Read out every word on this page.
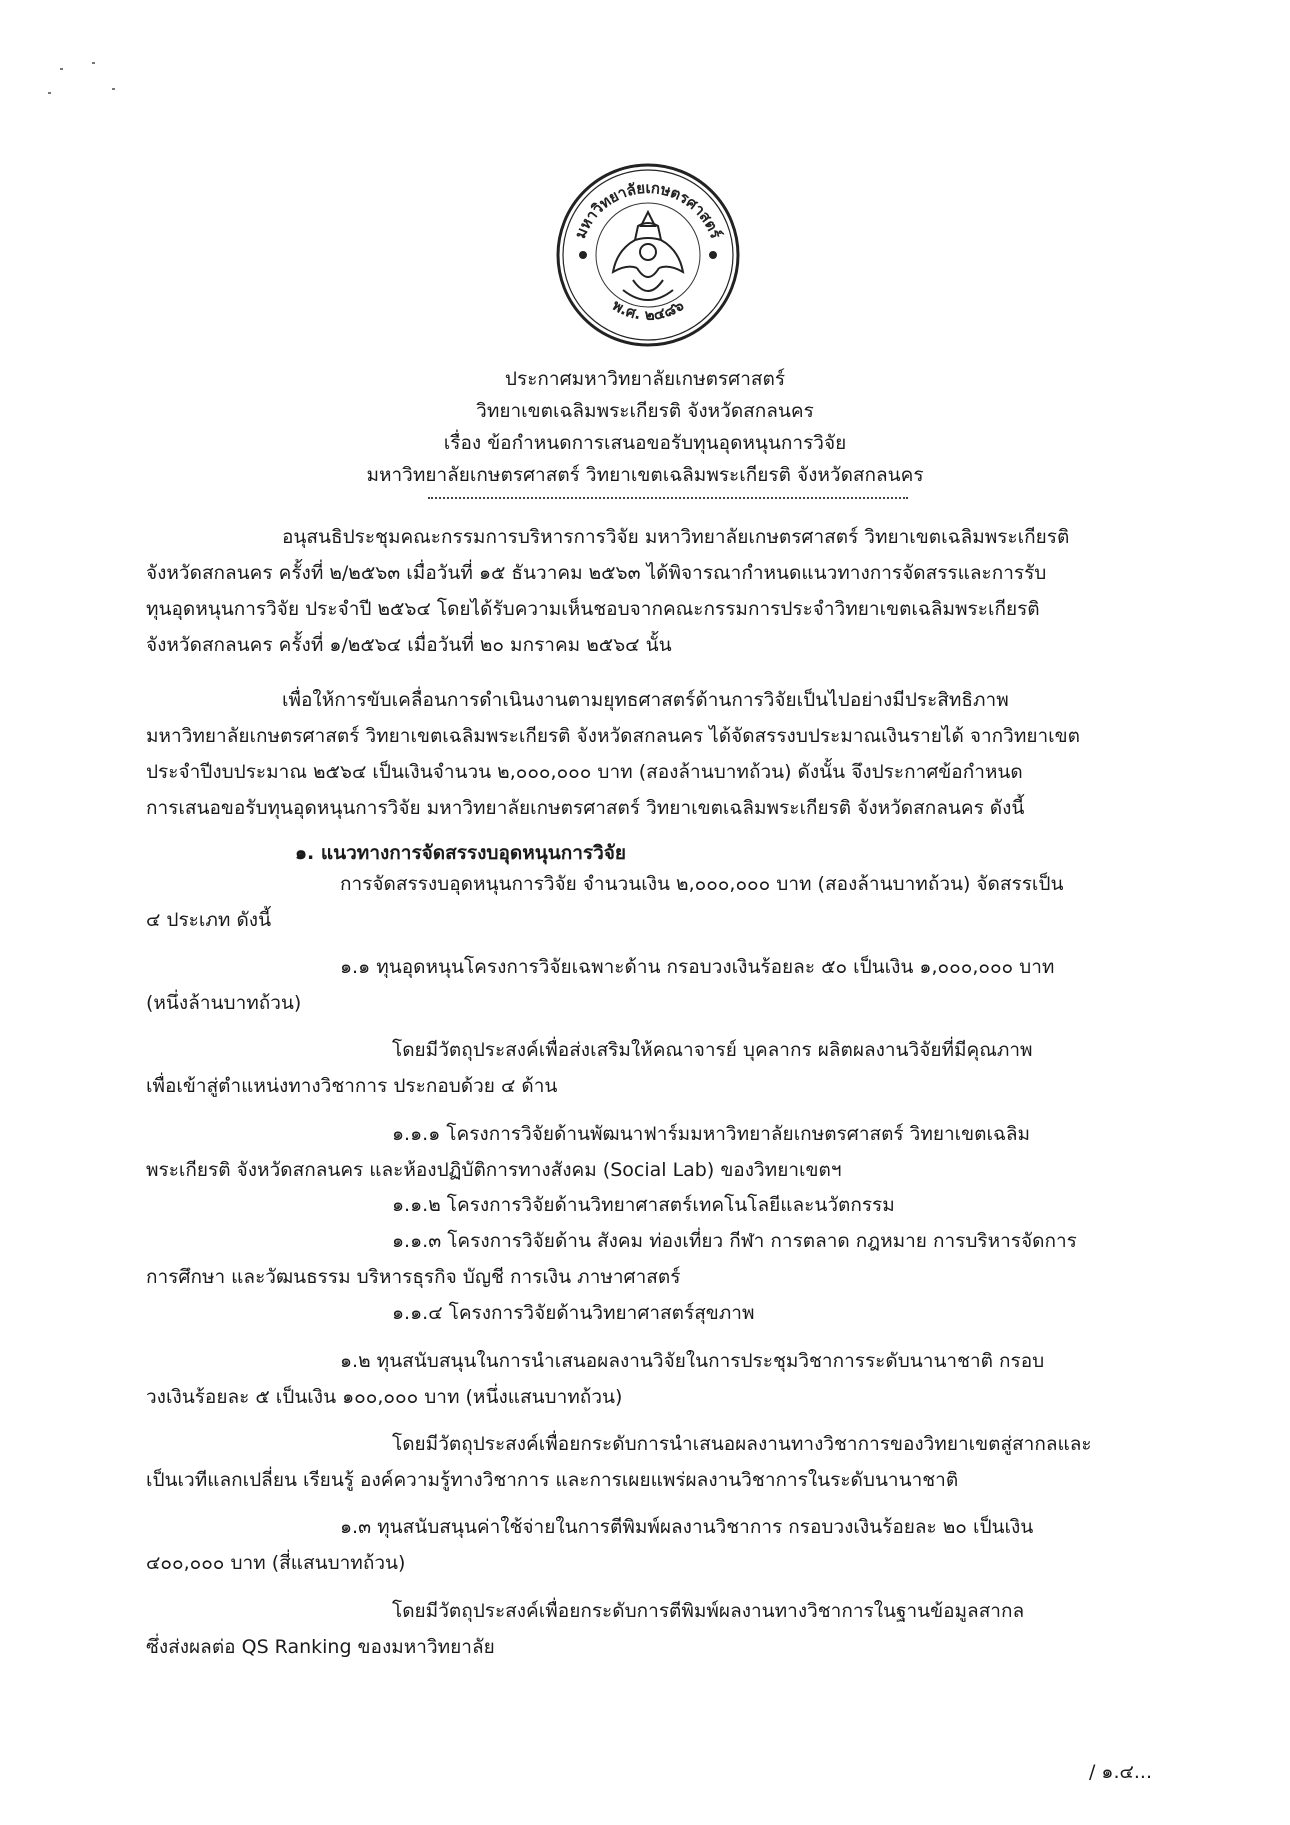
มหาวิทยาลัยเกษตรศาสตร์
พ.ศ. ๒๔๘๖
ประกาศมหาวิทยาลัยเกษตรศาสตร์
วิทยาเขตเฉลิมพระเกียรติ จังหวัดสกลนคร
เรื่อง ข้อกำหนดการเสนอขอรับทุนอุดหนุนการวิจัย
มหาวิทยาลัยเกษตรศาสตร์ วิทยาเขตเฉลิมพระเกียรติ จังหวัดสกลนคร
อนุสนธิประชุมคณะกรรมการบริหารการวิจัย มหาวิทยาลัยเกษตรศาสตร์ วิทยาเขตเฉลิมพระเกียรติ
จังหวัดสกลนคร ครั้งที่ ๒/๒๕๖๓ เมื่อวันที่ ๑๕ ธันวาคม ๒๕๖๓ ได้พิจารณากำหนดแนวทางการจัดสรรและการรับ
ทุนอุดหนุนการวิจัย ประจำปี ๒๕๖๔ โดยได้รับความเห็นชอบจากคณะกรรมการประจำวิทยาเขตเฉลิมพระเกียรติ
จังหวัดสกลนคร ครั้งที่ ๑/๒๕๖๔ เมื่อวันที่ ๒๐ มกราคม ๒๕๖๔ นั้น
เพื่อให้การขับเคลื่อนการดำเนินงานตามยุทธศาสตร์ด้านการวิจัยเป็นไปอย่างมีประสิทธิภาพ
มหาวิทยาลัยเกษตรศาสตร์ วิทยาเขตเฉลิมพระเกียรติ จังหวัดสกลนคร ได้จัดสรรงบประมาณเงินรายได้ จากวิทยาเขต
ประจำปีงบประมาณ ๒๕๖๔ เป็นเงินจำนวน ๒,๐๐๐,๐๐๐ บาท (สองล้านบาทถ้วน) ดังนั้น จึงประกาศข้อกำหนด
การเสนอขอรับทุนอุดหนุนการวิจัย มหาวิทยาลัยเกษตรศาสตร์ วิทยาเขตเฉลิมพระเกียรติ จังหวัดสกลนคร ดังนี้
๑. แนวทางการจัดสรรงบอุดหนุนการวิจัย
การจัดสรรงบอุดหนุนการวิจัย จำนวนเงิน ๒,๐๐๐,๐๐๐ บาท (สองล้านบาทถ้วน) จัดสรรเป็น
๔ ประเภท ดังนี้
๑.๑ ทุนอุดหนุนโครงการวิจัยเฉพาะด้าน กรอบวงเงินร้อยละ ๕๐ เป็นเงิน ๑,๐๐๐,๐๐๐ บาท
(หนึ่งล้านบาทถ้วน)
โดยมีวัตถุประสงค์เพื่อส่งเสริมให้คณาจารย์ บุคลากร ผลิตผลงานวิจัยที่มีคุณภาพ
เพื่อเข้าสู่ตำแหน่งทางวิชาการ ประกอบด้วย ๔ ด้าน
๑.๑.๑ โครงการวิจัยด้านพัฒนาฟาร์มมหาวิทยาลัยเกษตรศาสตร์ วิทยาเขตเฉลิม
พระเกียรติ จังหวัดสกลนคร และห้องปฏิบัติการทางสังคม (Social Lab) ของวิทยาเขตฯ
๑.๑.๒ โครงการวิจัยด้านวิทยาศาสตร์เทคโนโลยีและนวัตกรรม
๑.๑.๓ โครงการวิจัยด้าน สังคม ท่องเที่ยว กีฬา การตลาด กฎหมาย การบริหารจัดการ
การศึกษา และวัฒนธรรม บริหารธุรกิจ บัญชี การเงิน ภาษาศาสตร์
๑.๑.๔ โครงการวิจัยด้านวิทยาศาสตร์สุขภาพ
๑.๒ ทุนสนับสนุนในการนำเสนอผลงานวิจัยในการประชุมวิชาการระดับนานาชาติ กรอบ
วงเงินร้อยละ ๕ เป็นเงิน ๑๐๐,๐๐๐ บาท (หนึ่งแสนบาทถ้วน)
โดยมีวัตถุประสงค์เพื่อยกระดับการนำเสนอผลงานทางวิชาการของวิทยาเขตสู่สากลและ
เป็นเวทีแลกเปลี่ยน เรียนรู้ องค์ความรู้ทางวิชาการ และการเผยแพร่ผลงานวิชาการในระดับนานาชาติ
๑.๓ ทุนสนับสนุนค่าใช้จ่ายในการตีพิมพ์ผลงานวิชาการ กรอบวงเงินร้อยละ ๒๐ เป็นเงิน
๔๐๐,๐๐๐ บาท (สี่แสนบาทถ้วน)
โดยมีวัตถุประสงค์เพื่อยกระดับการตีพิมพ์ผลงานทางวิชาการในฐานข้อมูลสากล
ซึ่งส่งผลต่อ QS Ranking ของมหาวิทยาลัย
/ ๑.๔...
